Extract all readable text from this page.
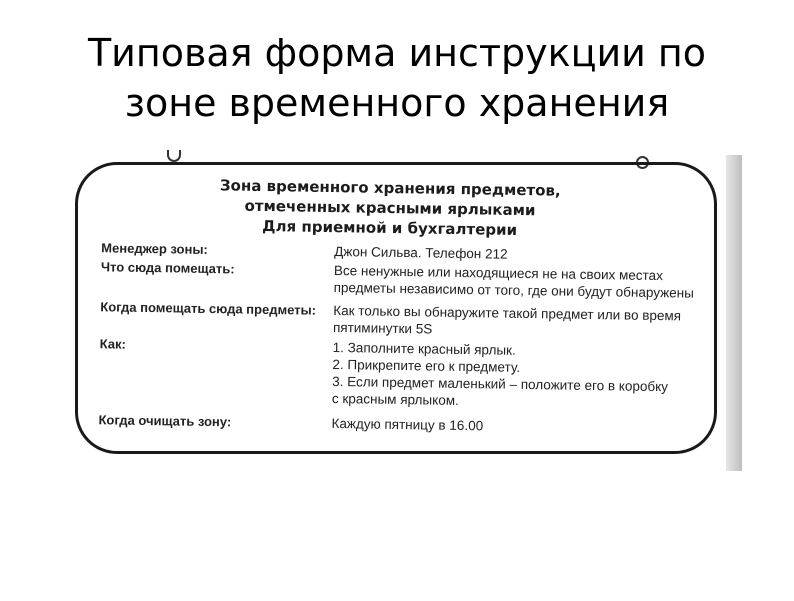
Типовая форма инструкции по
зоне временного хранения
Зона временного хранения предметов,
отмеченных красными ярлыками
Для приемной и бухгалтерии
Менеджер зоны:	Джон Сильва. Телефон 212
Что сюда помещать:	Все ненужные или находящиеся не на своих местах
предметы независимо от того, где они будут обнаружены
Когда помещать сюда предметы: Как только вы обнаружите такой предмет или во время
пятиминутки 5S
Как:	1. Заполните красный ярлык.
2. Прикрепите его к предмету.
3. Если предмет маленький – положите его в коробку
с красным ярлыком.
Когда очищать зону:	Каждую пятницу в 16.00
